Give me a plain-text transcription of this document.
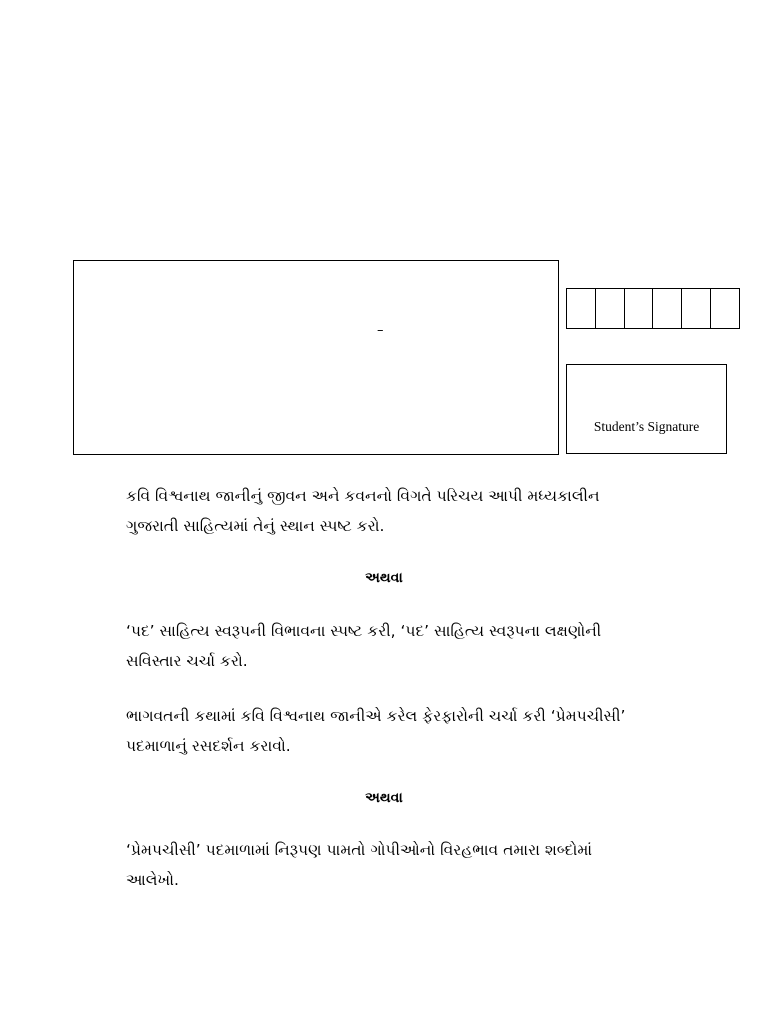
–
Student’s Signature
કવિ વિશ્વનાથ જાનીનું જીવન અને કવનનો વિગતે પરિચય આપી મધ્યકાલીન
ગુજરાતી સાહિત્યમાં તેનું સ્થાન સ્પષ્ટ કરો.
અથવા
‘પદ’ સાહિત્ય સ્વરૂપની વિભાવના સ્પષ્ટ કરી, ‘પદ’ સાહિત્ય સ્વરૂપના લક્ષણોની
સવિસ્તાર ચર્ચા કરો.
ભાગવતની કથામાં કવિ વિશ્વનાથ જાનીએ કરેલ ફેરફારોની ચર્ચા કરી ‘પ્રેમપચીસી’
પદમાળાનું રસદર્શન કરાવો.
અથવા
‘પ્રેમપચીસી’ પદમાળામાં નિરૂપણ પામતો ગોપીઓનો વિરહભાવ તમારા શબ્દોમાં
આલેખો.
